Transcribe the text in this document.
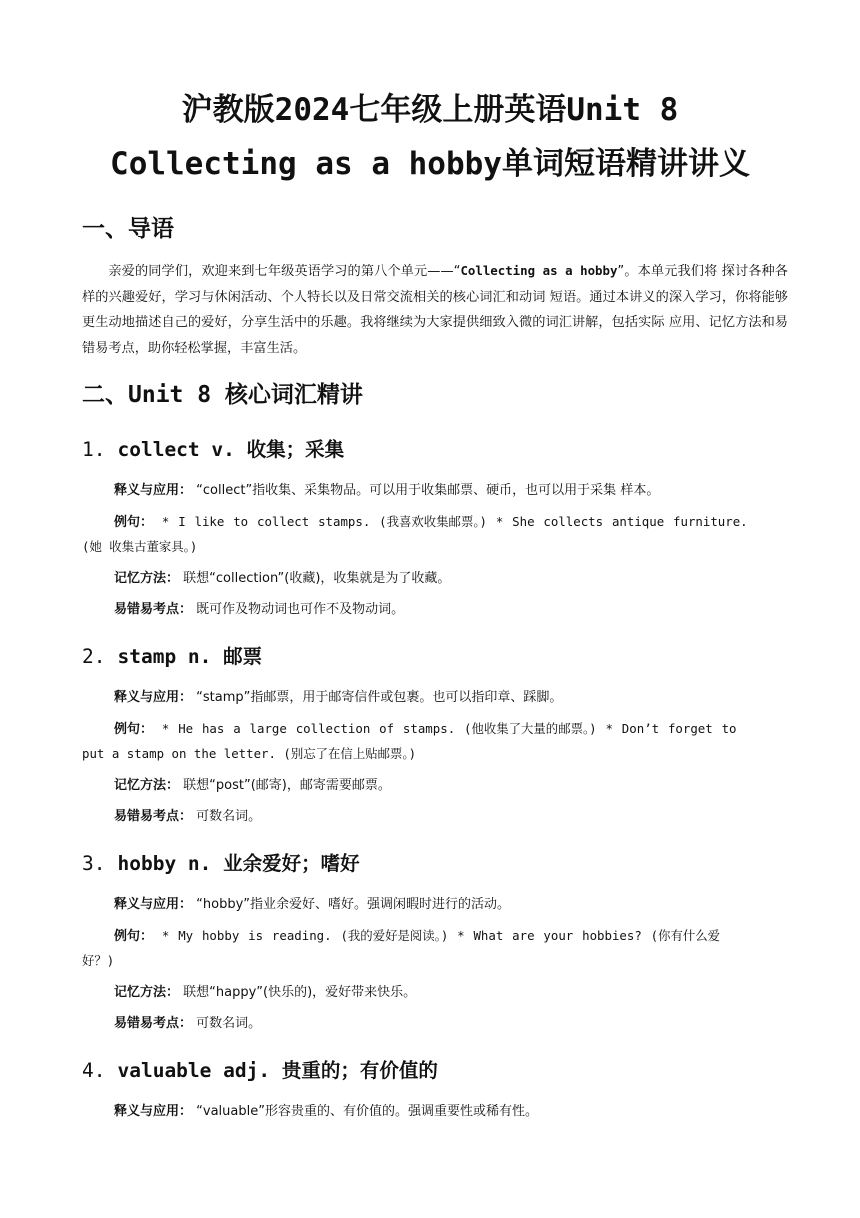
沪教版2024七年级上册英语Unit 8
Collecting as a hobby单词短语精讲讲义
一、导语
亲爱的同学们，欢迎来到七年级英语学习的第八个单元——“Collecting as a hobby”。本单元我们将 探讨各种各样的兴趣爱好，学习与休闲活动、个人特长以及日常交流相关的核心词汇和动词 短语。通过本讲义的深入学习，你将能够更生动地描述自己的爱好，分享生活中的乐趣。我将继续为大家提供细致入微的词汇讲解，包括实际 应用、记忆方法和易错易考点，助你轻松掌握，丰富生活。
二、Unit 8 核心词汇精讲
1. collect v. 收集；采集
释义与应用： “collect”指收集、采集物品。可以用于收集邮票、硬币，也可以用于采集 样本。
例句： * I like to collect stamps. (我喜欢收集邮票。) * She collects antique furniture.
(她 收集古董家具。)
记忆方法： 联想“collection”(收藏)，收集就是为了收藏。
易错易考点： 既可作及物动词也可作不及物动词。
2. stamp n. 邮票
释义与应用： “stamp”指邮票，用于邮寄信件或包裹。也可以指印章、踩脚。
例句： * He has a large collection of stamps. (他收集了大量的邮票。) * Don’t forget to
put a stamp on the letter. (别忘了在信上贴邮票。)
记忆方法： 联想“post”(邮寄)，邮寄需要邮票。
易错易考点： 可数名词。
3. hobby n. 业余爱好；嗜好
释义与应用： “hobby”指业余爱好、嗜好。强调闲暇时进行的活动。
例句： * My hobby is reading. (我的爱好是阅读。) * What are your hobbies? (你有什么爱
好？)
记忆方法： 联想“happy”(快乐的)，爱好带来快乐。
易错易考点： 可数名词。
4. valuable adj. 贵重的；有价值的
释义与应用： “valuable”形容贵重的、有价值的。强调重要性或稀有性。
